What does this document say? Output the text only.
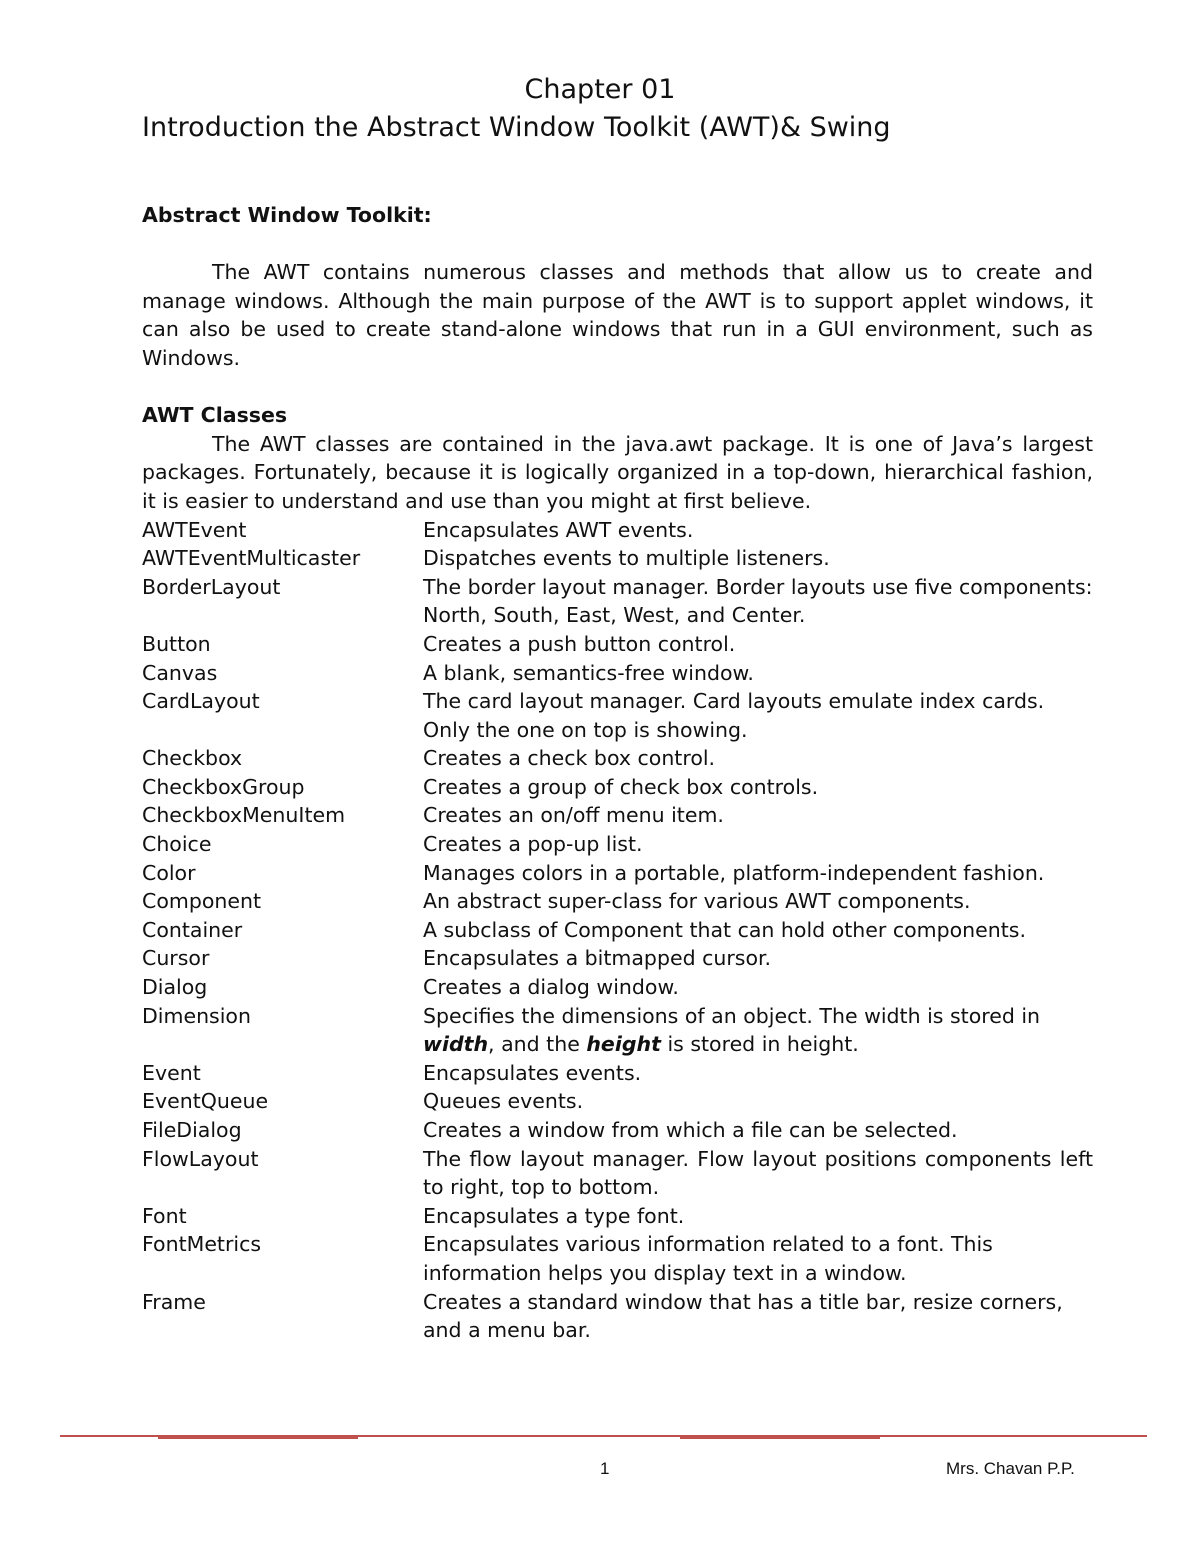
Chapter 01
Introduction the Abstract Window Toolkit (AWT)& Swing

Abstract Window Toolkit:

The AWT contains numerous classes and methods that allow us to create and manage windows. Although the main purpose of the AWT is to support applet windows, it can also be used to create stand-alone windows that run in a GUI environment, such as Windows.

AWT Classes

The AWT classes are contained in the java.awt package. It is one of Java’s largest packages. Fortunately, because it is logically organized in a top-down, hierarchical fashion, it is easier to understand and use than you might at first believe.

AWTEvent	Encapsulates AWT events.
AWTEventMulticaster	Dispatches events to multiple listeners.
BorderLayout	The border layout manager. Border layouts use five components: North, South, East, West, and Center.
Button	Creates a push button control.
Canvas	A blank, semantics-free window.
CardLayout	The card layout manager. Card layouts emulate index cards. Only the one on top is showing.
Checkbox	Creates a check box control.
CheckboxGroup	Creates a group of check box controls.
CheckboxMenuItem	Creates an on/off menu item.
Choice	Creates a pop-up list.
Color	Manages colors in a portable, platform-independent fashion.
Component	An abstract super-class for various AWT components.
Container	A subclass of Component that can hold other components.
Cursor	Encapsulates a bitmapped cursor.
Dialog	Creates a dialog window.
Dimension	Specifies the dimensions of an object. The width is stored in width, and the height is stored in height.
Event	Encapsulates events.
EventQueue	Queues events.
FileDialog	Creates a window from which a file can be selected.
FlowLayout	The flow layout manager. Flow layout positions components left to right, top to bottom.
Font	Encapsulates a type font.
FontMetrics	Encapsulates various information related to a font. This information helps you display text in a window.
Frame	Creates a standard window that has a title bar, resize corners, and a menu bar.
1	Mrs. Chavan P.P.
